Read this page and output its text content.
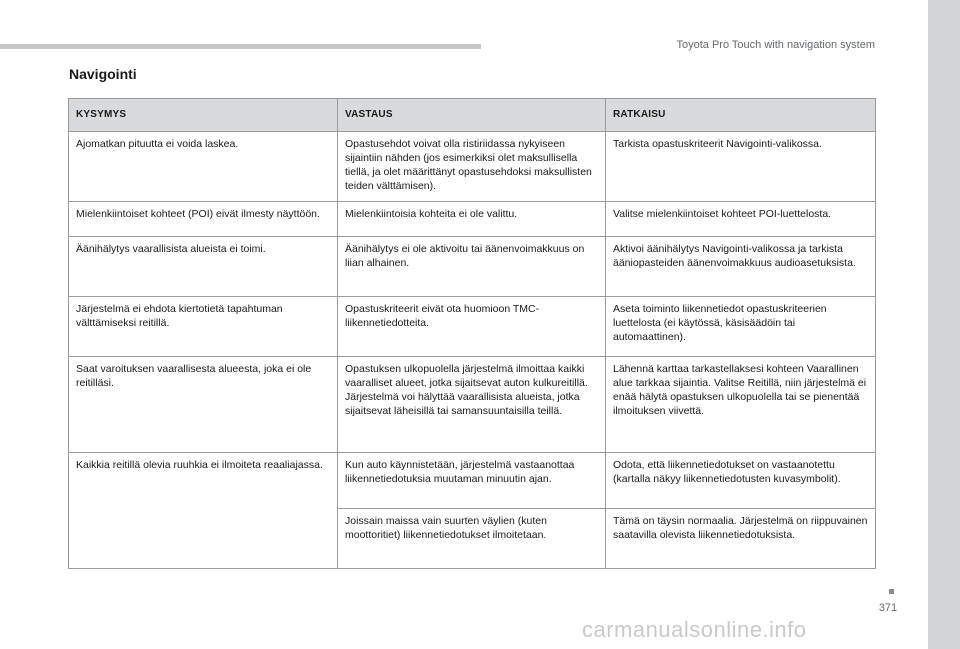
Toyota Pro Touch with navigation system
Navigointi
KYSYMYS	VASTAUS	RATKAISU
Ajomatkan pituutta ei voida laskea.	Opastusehdot voivat olla ristiriidassa nykyiseen sijaintiin nähden (jos esimerkiksi olet maksullisella tiellä, ja olet määrittänyt opastusehdoksi maksullisten teiden välttämisen).	Tarkista opastuskriteerit Navigointi-valikossa.
Mielenkiintoiset kohteet (POI) eivät ilmesty näyttöön.	Mielenkiintoisia kohteita ei ole valittu.	Valitse mielenkiintoiset kohteet POI-luettelosta.
Äänihälytys vaarallisista alueista ei toimi.	Äänihälytys ei ole aktivoitu tai äänenvoimakkuus on liian alhainen.	Aktivoi äänihälytys Navigointi-valikossa ja tarkista ääniopasteiden äänenvoimakkuus audioasetuksista.
Järjestelmä ei ehdota kiertotietä tapahtuman välttämiseksi reitillä.	Opastuskriteerit eivät ota huomioon TMC-liikennetiedotteita.	Aseta toiminto liikennetiedot opastuskriteerien luettelosta (ei käytössä, käsisäädöin tai automaattinen).
Saat varoituksen vaarallisesta alueesta, joka ei ole reitilläsi.	Opastuksen ulkopuolella järjestelmä ilmoittaa kaikki vaaralliset alueet, jotka sijaitsevat auton kulkureitillä. Järjestelmä voi hälyttää vaarallisista alueista, jotka sijaitsevat läheisillä tai samansuuntaisilla teillä.	Lähennä karttaa tarkastellaksesi kohteen Vaarallinen alue tarkkaa sijaintia. Valitse Reitillä, niin järjestelmä ei enää hälytä opastuksen ulkopuolella tai se pienentää ilmoituksen viivettä.
Kaikkia reitillä olevia ruuhkia ei ilmoiteta reaaliajassa.	Kun auto käynnistetään, järjestelmä vastaanottaa liikennetiedotuksia muutaman minuutin ajan.	Odota, että liikennetiedotukset on vastaanotettu (kartalla näkyy liikennetiedotusten kuvasymbolit).
	Joissain maissa vain suurten väylien (kuten moottoritiet) liikennetiedotukset ilmoitetaan.	Tämä on täysin normaalia. Järjestelmä on riippuvainen saatavilla olevista liikennetiedotuksista.
371
carmanualsonline.info
